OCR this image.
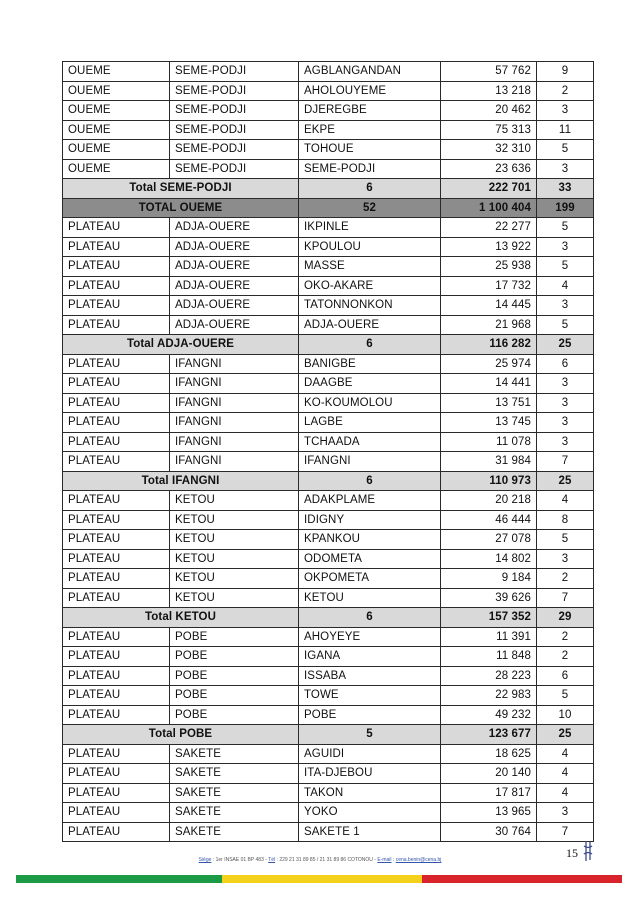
OUEME	SEME-PODJI	AGBLANGANDAN	57 762	9
OUEME	SEME-PODJI	AHOLOUYEME	13 218	2
OUEME	SEME-PODJI	DJEREGBE	20 462	3
OUEME	SEME-PODJI	EKPE	75 313	11
OUEME	SEME-PODJI	TOHOUE	32 310	5
OUEME	SEME-PODJI	SEME-PODJI	23 636	3
Total SEME-PODJI		6	222 701	33
TOTAL OUEME		52	1 100 404	199
PLATEAU	ADJA-OUERE	IKPINLE	22 277	5
PLATEAU	ADJA-OUERE	KPOULOU	13 922	3
PLATEAU	ADJA-OUERE	MASSE	25 938	5
PLATEAU	ADJA-OUERE	OKO-AKARE	17 732	4
PLATEAU	ADJA-OUERE	TATONNONKON	14 445	3
PLATEAU	ADJA-OUERE	ADJA-OUERE	21 968	5
Total ADJA-OUERE		6	116 282	25
PLATEAU	IFANGNI	BANIGBE	25 974	6
PLATEAU	IFANGNI	DAAGBE	14 441	3
PLATEAU	IFANGNI	KO-KOUMOLOU	13 751	3
PLATEAU	IFANGNI	LAGBE	13 745	3
PLATEAU	IFANGNI	TCHAADA	11 078	3
PLATEAU	IFANGNI	IFANGNI	31 984	7
Total IFANGNI		6	110 973	25
PLATEAU	KETOU	ADAKPLAME	20 218	4
PLATEAU	KETOU	IDIGNY	46 444	8
PLATEAU	KETOU	KPANKOU	27 078	5
PLATEAU	KETOU	ODOMETA	14 802	3
PLATEAU	KETOU	OKPOMETA	9 184	2
PLATEAU	KETOU	KETOU	39 626	7
Total KETOU		6	157 352	29
PLATEAU	POBE	AHOYEYE	11 391	2
PLATEAU	POBE	IGANA	11 848	2
PLATEAU	POBE	ISSABA	28 223	6
PLATEAU	POBE	TOWE	22 983	5
PLATEAU	POBE	POBE	49 232	10
Total POBE		5	123 677	25
PLATEAU	SAKETE	AGUIDI	18 625	4
PLATEAU	SAKETE	ITA-DJEBOU	20 140	4
PLATEAU	SAKETE	TAKON	17 817	4
PLATEAU	SAKETE	YOKO	13 965	3
PLATEAU	SAKETE	SAKETE 1	30 764	7
15
Siège : 1er INSAE 01 BP 483 - Tél : 229 21 31 89 85 / 21 31 89 86 COTONOU - E-mail : cena.benin@cena.bj
